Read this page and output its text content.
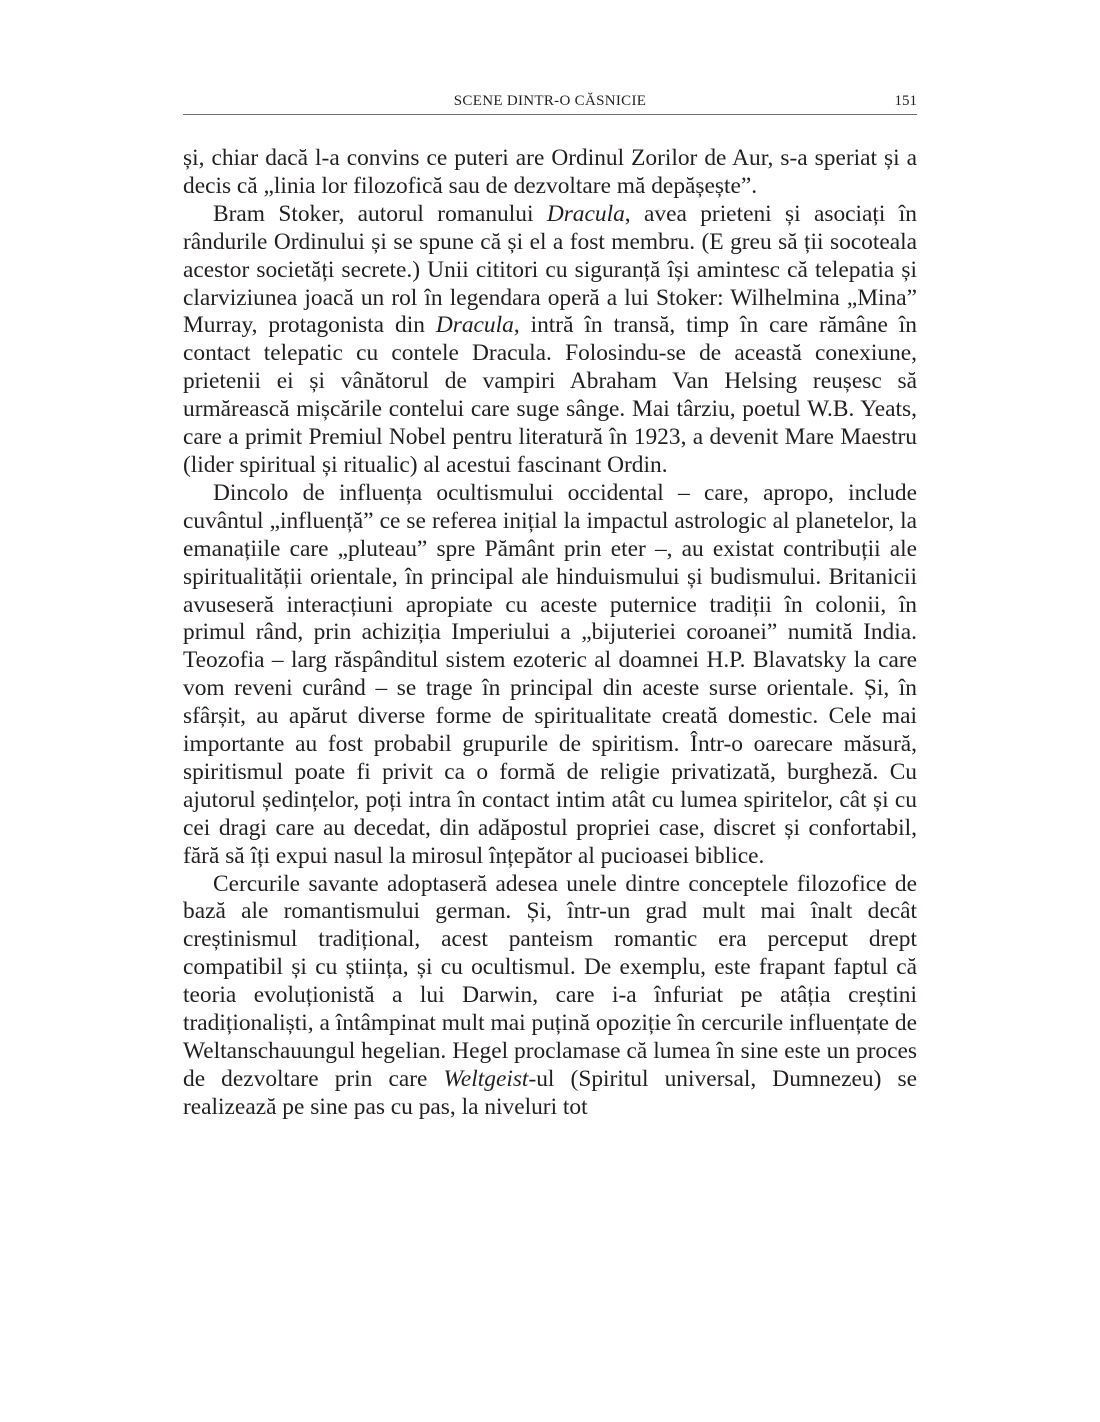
SCENE DINTR-O CĂSNICIE	151

și, chiar dacă l-a convins ce puteri are Ordinul Zorilor de Aur, s-a speriat și a decis că „linia lor filozofică sau de dezvoltare mă depășește”.

Bram Stoker, autorul romanului Dracula, avea prieteni și asociați în rândurile Ordinului și se spune că și el a fost membru. (E greu să ții socoteala acestor societăți secrete.) Unii cititori cu siguranță își amintesc că telepatia și clarviziunea joacă un rol în legendara operă a lui Stoker: Wilhelmina „Mina” Murray, protagonista din Dracula, intră în transă, timp în care rămâne în contact telepatic cu contele Dracula. Folosindu-se de această conexiune, prietenii ei și vânătorul de vampiri Abraham Van Helsing reușesc să urmărească mișcările contelui care suge sânge. Mai târziu, poetul W.B. Yeats, care a primit Premiul Nobel pentru literatură în 1923, a devenit Mare Maestru (lider spiritual și ritualic) al acestui fascinant Ordin.

Dincolo de influența ocultismului occidental – care, apropo, include cuvântul „influență” ce se referea inițial la impactul astrologic al planetelor, la emanațiile care „pluteau” spre Pământ prin eter –, au existat contribuții ale spiritualității orientale, în principal ale hinduismului și budismului. Britanicii avuseseră interacțiuni apropiate cu aceste puternice tradiții în colonii, în primul rând, prin achiziția Imperiului a „bijuteriei coroanei” numită India. Teozofia – larg răspânditul sistem ezoteric al doamnei H.P. Blavatsky la care vom reveni curând – se trage în principal din aceste surse orientale. Și, în sfârșit, au apărut diverse forme de spiritualitate creată domestic. Cele mai importante au fost probabil grupurile de spiritism. Într-o oarecare măsură, spiritismul poate fi privit ca o formă de religie privatizată, burgheză. Cu ajutorul ședințelor, poți intra în contact intim atât cu lumea spiritelor, cât și cu cei dragi care au decedat, din adăpostul propriei case, discret și confortabil, fără să îți expui nasul la mirosul înțepător al pucioasei biblice.

Cercurile savante adoptaseră adesea unele dintre conceptele filozofice de bază ale romantismului german. Și, într-un grad mult mai înalt decât creștinismul tradițional, acest panteism romantic era perceput drept compatibil și cu știința, și cu ocultismul. De exemplu, este frapant faptul că teoria evoluționistă a lui Darwin, care i-a înfuriat pe atâția creștini tradiționaliști, a întâmpinat mult mai puțină opoziție în cercurile influențate de Weltanschauungul hegelian. Hegel proclamase că lumea în sine este un proces de dezvoltare prin care Weltgeist-ul (Spiritul universal, Dumnezeu) se realizează pe sine pas cu pas, la niveluri tot
